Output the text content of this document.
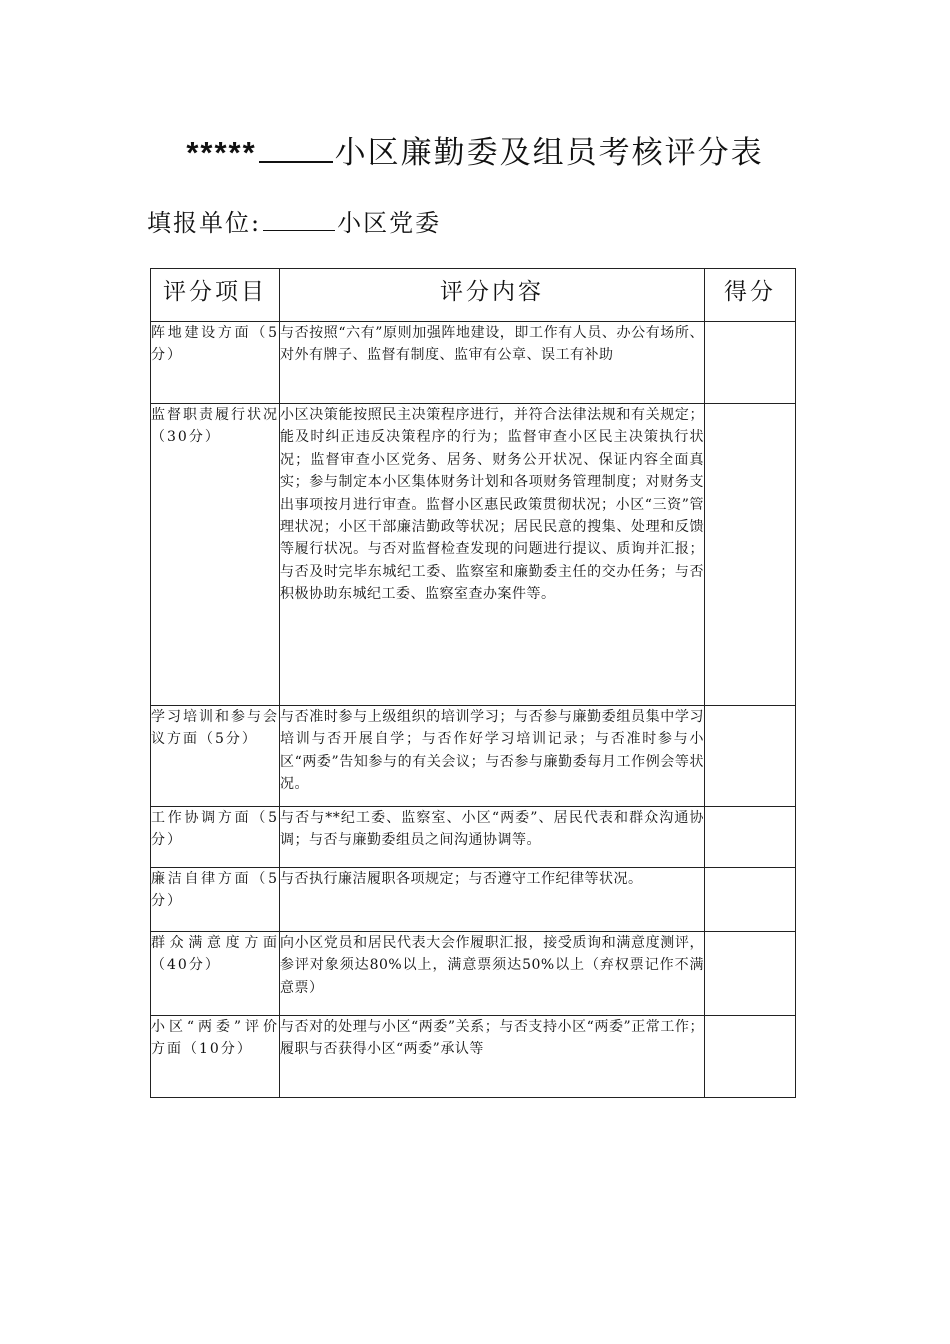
*****	小区廉勤委及组员考核评分表
填报单位:	小区党委
评分项目	评分内容	得分
阵地建设方面（5分）	与否按照“六有”原则加强阵地建设，即工作有人员、办公有场所、对外有牌子、监督有制度、监审有公章、误工有补助	
监督职责履行状况（30分）	小区决策能按照民主决策程序进行，并符合法律法规和有关规定；能及时纠正违反决策程序的行为；监督审查小区民主决策执行状况；监督审查小区党务、居务、财务公开状况、保证内容全面真实；参与制定本小区集体财务计划和各项财务管理制度；对财务支出事项按月进行审查。监督小区惠民政策贯彻状况；小区“三资”管理状况；小区干部廉洁勤政等状况；居民民意的搜集、处理和反馈等履行状况。与否对监督检查发现的问题进行提议、质询并汇报；与否及时完毕东城纪工委、监察室和廉勤委主任的交办任务；与否积极协助东城纪工委、监察室查办案件等。	
学习培训和参与会议方面（5分）	与否准时参与上级组织的培训学习；与否参与廉勤委组员集中学习培训与否开展自学；与否作好学习培训记录；与否准时参与小区“两委”告知参与的有关会议；与否参与廉勤委每月工作例会等状况。	
工作协调方面（5分）	与否与**纪工委、监察室、小区“两委”、居民代表和群众沟通协调；与否与廉勤委组员之间沟通协调等。	
廉洁自律方面（5分）	与否执行廉洁履职各项规定；与否遵守工作纪律等状况。	
群众满意度方面（40分）	向小区党员和居民代表大会作履职汇报，接受质询和满意度测评，参评对象须达80%以上，满意票须达50%以上（弃权票记作不满意票）	
小区“两委”评价方面（10分）	与否对的处理与小区“两委”关系；与否支持小区“两委”正常工作；履职与否获得小区“两委”承认等	
